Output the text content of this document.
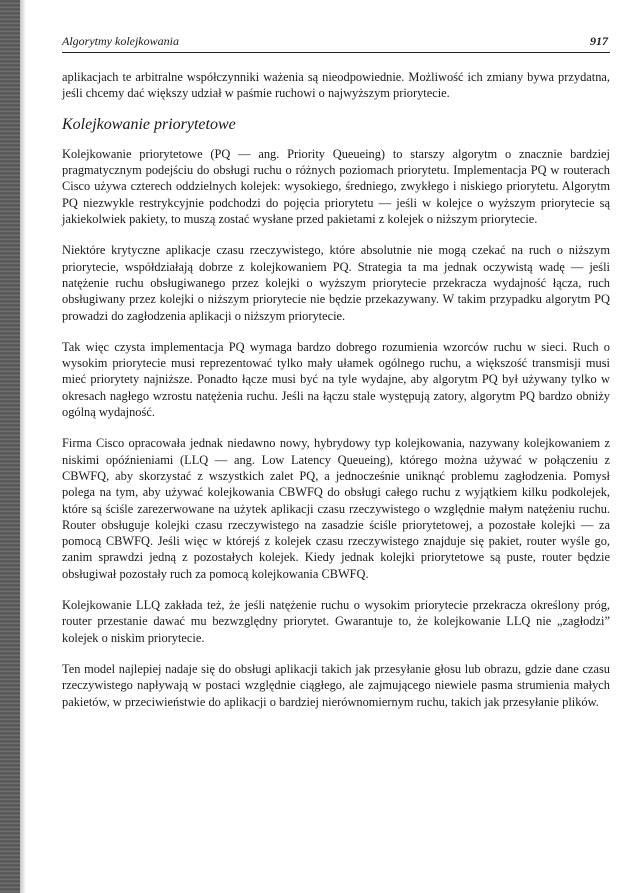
Algorytmy kolejkowania	917

aplikacjach te arbitralne współczynniki ważenia są nieodpowiednie. Możliwość ich zmiany bywa przydatna, jeśli chcemy dać większy udział w paśmie ruchowi o najwyższym priorytecie.

Kolejkowanie priorytetowe

Kolejkowanie priorytetowe (PQ — ang. Priority Queueing) to starszy algorytm o znacznie bardziej pragmatycznym podejściu do obsługi ruchu o różnych poziomach priorytetu. Implementacja PQ w routerach Cisco używa czterech oddzielnych kolejek: wysokiego, średniego, zwykłego i niskiego priorytetu. Algorytm PQ niezwykle restrykcyjnie podchodzi do pojęcia priorytetu — jeśli w kolejce o wyższym priorytecie są jakiekolwiek pakiety, to muszą zostać wysłane przed pakietami z kolejek o niższym priorytecie.

Niektóre krytyczne aplikacje czasu rzeczywistego, które absolutnie nie mogą czekać na ruch o niższym priorytecie, współdziałają dobrze z kolejkowaniem PQ. Strategia ta ma jednak oczywistą wadę — jeśli natężenie ruchu obsługiwanego przez kolejki o wyższym priorytecie przekracza wydajność łącza, ruch obsługiwany przez kolejki o niższym priorytecie nie będzie przekazywany. W takim przypadku algorytm PQ prowadzi do zagłodzenia aplikacji o niższym priorytecie.

Tak więc czysta implementacja PQ wymaga bardzo dobrego rozumienia wzorców ruchu w sieci. Ruch o wysokim priorytecie musi reprezentować tylko mały ułamek ogólnego ruchu, a większość transmisji musi mieć priorytety najniższe. Ponadto łącze musi być na tyle wydajne, aby algorytm PQ był używany tylko w okresach nagłego wzrostu natężenia ruchu. Jeśli na łączu stale występują zatory, algorytm PQ bardzo obniży ogólną wydajność.

Firma Cisco opracowała jednak niedawno nowy, hybrydowy typ kolejkowania, nazywany kolejkowaniem z niskimi opóźnieniami (LLQ — ang. Low Latency Queueing), którego można używać w połączeniu z CBWFQ, aby skorzystać z wszystkich zalet PQ, a jednocześnie uniknąć problemu zagłodzenia. Pomysł polega na tym, aby używać kolejkowania CBWFQ do obsługi całego ruchu z wyjątkiem kilku podkolejek, które są ściśle zarezerwowane na użytek aplikacji czasu rzeczywistego o względnie małym natężeniu ruchu. Router obsługuje kolejki czasu rzeczywistego na zasadzie ściśle priorytetowej, a pozostałe kolejki — za pomocą CBWFQ. Jeśli więc w którejś z kolejek czasu rzeczywistego znajduje się pakiet, router wyśle go, zanim sprawdzi jedną z pozostałych kolejek. Kiedy jednak kolejki priorytetowe są puste, router będzie obsługiwał pozostały ruch za pomocą kolejkowania CBWFQ.

Kolejkowanie LLQ zakłada też, że jeśli natężenie ruchu o wysokim priorytecie przekracza określony próg, router przestanie dawać mu bezwzględny priorytet. Gwarantuje to, że kolejkowanie LLQ nie „zagłodzi” kolejek o niskim priorytecie.

Ten model najlepiej nadaje się do obsługi aplikacji takich jak przesyłanie głosu lub obrazu, gdzie dane czasu rzeczywistego napływają w postaci względnie ciągłego, ale zajmującego niewiele pasma strumienia małych pakietów, w przeciwieństwie do aplikacji o bardziej nierównomiernym ruchu, takich jak przesyłanie plików.
